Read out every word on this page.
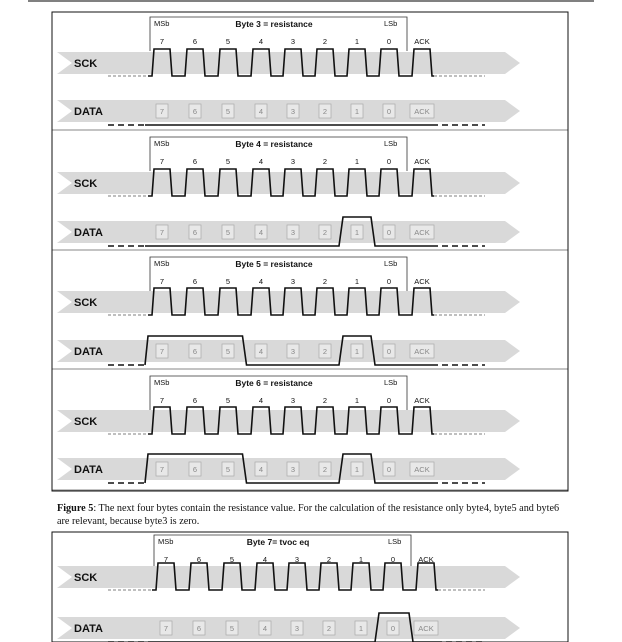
MSb	LSb
Byte 3 = resistance
7	6	5	4	3	2	1	0	ACK
SCK
DATA	7	6	5	4	3	2	1	0	ACK
MSb	LSb
Byte 4 = resistance
7	6	5	4	3	2	1	0	ACK
SCK
DATA	7	6	5	4	3	2	1	0	ACK
MSb	LSb
Byte 5 = resistance
7	6	5	4	3	2	1	0	ACK
SCK
DATA	7	6	5	4	3	2	1	0	ACK
MSb	LSb
Byte 6 = resistance
7	6	5	4	3	2	1	0	ACK
SCK
DATA	7	6	5	4	3	2	1	0	ACK
MSb	LSb
Byte 7= tvoc eq
7	6	5	4	3	2	1	0	ACK
SCK
DATA	7	6	5	4	3	2	1	0	ACK
Figure 5: The next four bytes contain the resistance value. For the calculation of the resistance only byte4, byte5 and byte6 are relevant, because byte3 is zero.
